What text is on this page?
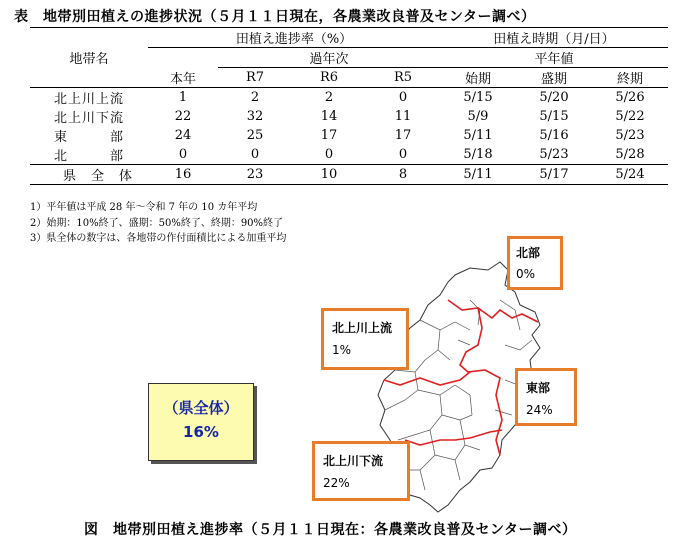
表　地帯別田植えの進捗状況（５月１１日現在，各農業改良普及センター調べ）
地帯名	田植え進捗率（%）				田植え時期（月/日）		
		過年次			平年値		
	本年	R7	R6	R5	始期	盛期	終期
北上川上流	1	2	2	0	5/15	5/20	5/26
北上川下流	22	32	14	11	5/9	5/15	5/22
東　　　部	24	25	17	17	5/11	5/16	5/23
北　　　部	0	0	0	0	5/18	5/23	5/28
県　全　体	16	23	10	8	5/11	5/17	5/24
1）平年値は平成 28 年～令和 7 年の 10 カ年平均
2）始期：10%終了、盛期：50%終了、終期：90%終了
3）県全体の数字は、各地帯の作付面積比による加重平均
北部
0%
北上川上流
1%
東部
24%
北上川下流
22%
（県全体）
16%
図　地帯別田植え進捗率（５月１１日現在：各農業改良普及センター調べ）
